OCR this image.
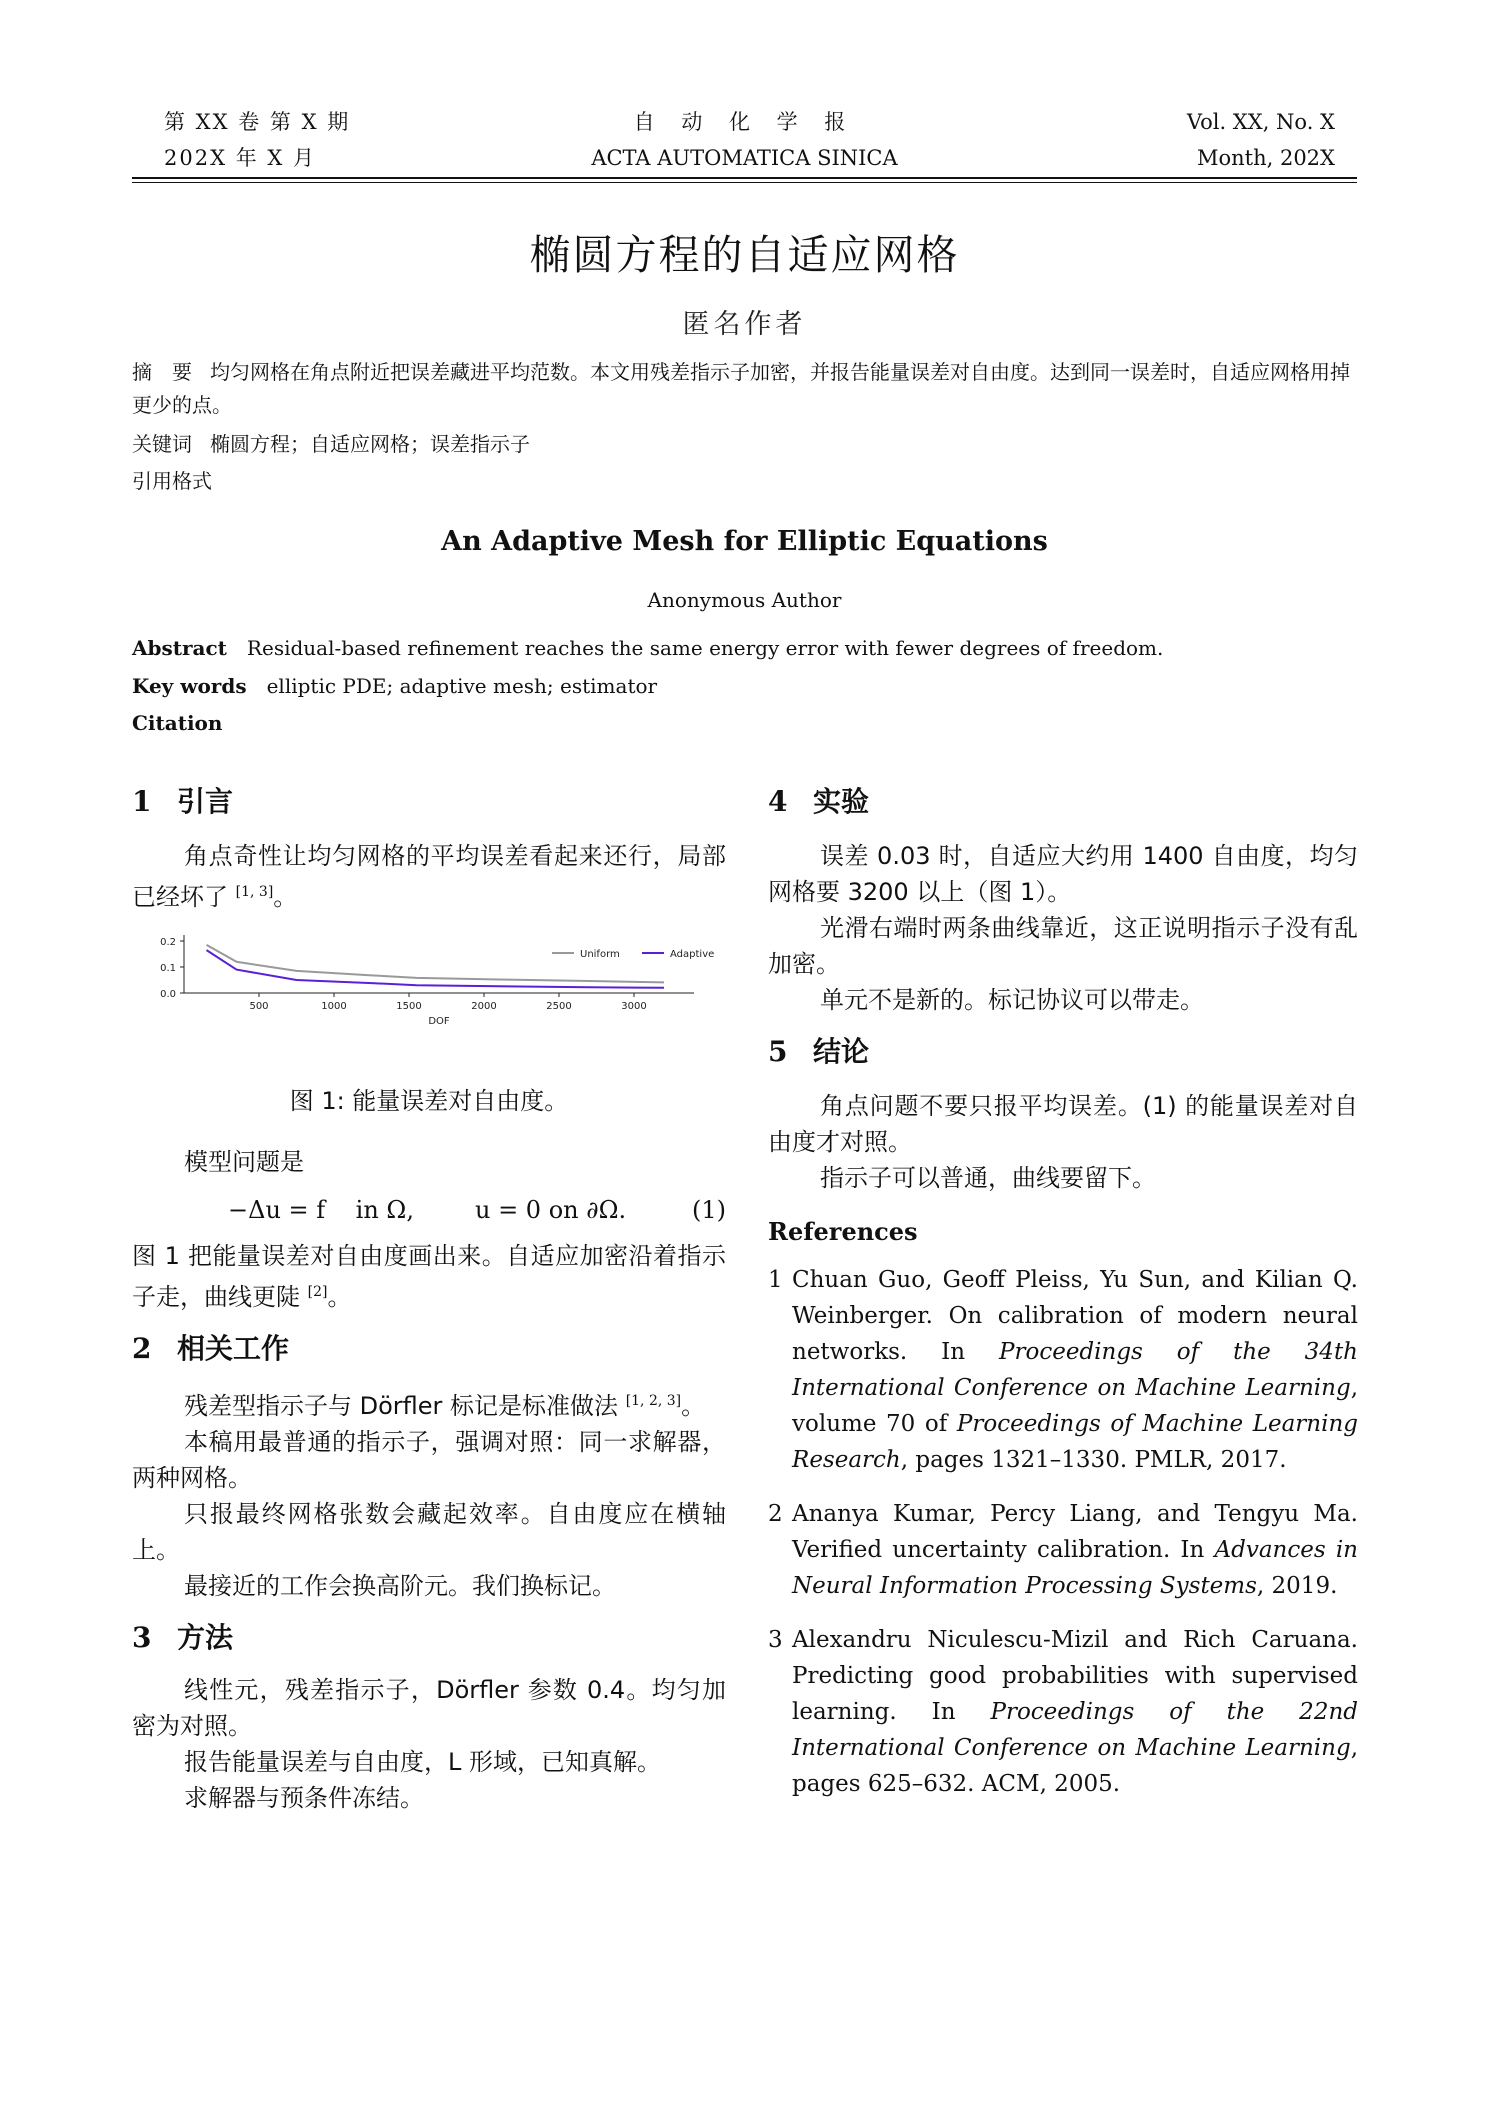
第 XX 卷 第 X 期
202X 年 X 月
自 动 化 学 报
ACTA AUTOMATICA SINICA
Vol. XX, No. X
Month, 202X
椭圆方程的自适应网格
匿名作者
摘　要 均匀网格在角点附近把误差藏进平均范数。本文用残差指示子加密，并报告能量误差对自由度。达到同一误差时，自适应网格用掉更少的点。
关键词 椭圆方程；自适应网格；误差指示子
引用格式
An Adaptive Mesh for Elliptic Equations
Anonymous Author
Abstract Residual-based refinement reaches the same energy error with fewer degrees of freedom.
Key words elliptic PDE; adaptive mesh; estimator
Citation
1 引言

角点奇性让均匀网格的平均误差看起来还行，局部已经坏了 [1, 3]。

0.0
0.1
0.2
500	1000	1500	2000	2500	3000
DOF
Uniform	Adaptive
图 1: 能量误差对自由度。

模型问题是

−Δu = f    in Ω,        u = 0 on ∂Ω.	(1)

图 1 把能量误差对自由度画出来。自适应加密沿着指示子走，曲线更陡 [2]。

2 相关工作

残差型指示子与 Dörfler 标记是标准做法 [1, 2, 3]。

本稿用最普通的指示子，强调对照：同一求解器，两种网格。

只报最终网格张数会藏起效率。自由度应在横轴上。

最接近的工作会换高阶元。我们换标记。

3 方法

线性元，残差指示子，Dörfler 参数 0.4。均匀加密为对照。

报告能量误差与自由度，L 形域，已知真解。

求解器与预条件冻结。

4 实验

误差 0.03 时，自适应大约用 1400 自由度，均匀网格要 3200 以上（图 1）。

光滑右端时两条曲线靠近，这正说明指示子没有乱加密。

单元不是新的。标记协议可以带走。

5 结论

角点问题不要只报平均误差。(1) 的能量误差对自由度才对照。

指示子可以普通，曲线要留下。

References
1 Chuan Guo, Geoff Pleiss, Yu Sun, and Kilian Q. Weinberger. On calibration of modern neural networks. In Proceedings of the 34th International Conference on Machine Learning, volume 70 of Proceedings of Machine Learning Research, pages 1321–1330. PMLR, 2017.
2 Ananya Kumar, Percy Liang, and Tengyu Ma. Verified uncertainty calibration. In Advances in Neural Information Processing Systems, 2019.
3 Alexandru Niculescu-Mizil and Rich Caruana. Predicting good probabilities with supervised learning. In Proceedings of the 22nd International Conference on Machine Learning, pages 625–632. ACM, 2005.
